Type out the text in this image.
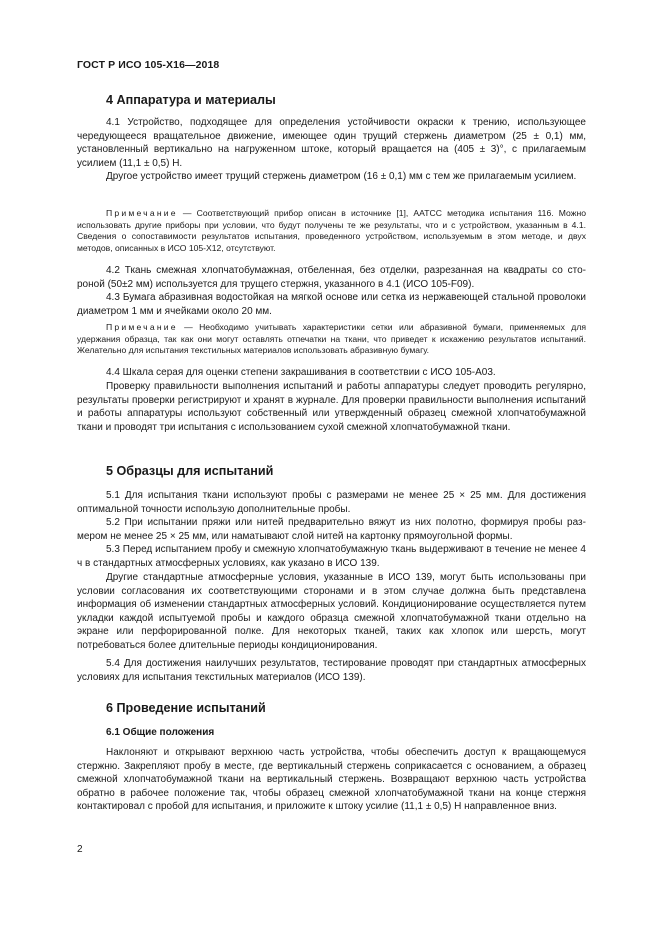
ГОСТ Р ИСО 105-Х16—2018
4 Аппаратура и материалы

4.1 Устройство, подходящее для определения устойчивости окраски к трению, использующее чередующееся вращательное движение, имеющее один трущий стержень диаметром (25 ± 0,1) мм, установленный вертикально на нагруженном штоке, который вращается на (405 ± 3)°, с прилагаемым усилием (11,1 ± 0,5) Н.

Другое устройство имеет трущий стержень диаметром (16 ± 0,1) мм с тем же прилагаемым усилием.

Примечание — Соответствующий прибор описан в источнике [1], AATCC методика испытания 116. Можно использовать другие приборы при условии, что будут получены те же результаты, что и с устройством, указанным в 4.1. Сведения о сопоставимости результатов испытания, проведенного устройством, используемым в этом методе, и двух методов, описанных в ИСО 105-Х12, отсутствуют.

4.2 Ткань смежная хлопчатобумажная, отбеленная, без отделки, разрезанная на квадраты со стороной (50±2 мм) используется для трущего стержня, указанного в 4.1 (ИСО 105-F09).

4.3 Бумага абразивная водостойкая на мягкой основе или сетка из нержавеющей стальной проволоки диаметром 1 мм и ячейками около 20 мм.

Примечание — Необходимо учитывать характеристики сетки или абразивной бумаги, применяемых для удержания образца, так как они могут оставлять отпечатки на ткани, что приведет к искажению результатов испытаний. Желательно для испытания текстильных материалов использовать абразивную бумагу.

4.4 Шкала серая для оценки степени закрашивания в соответствии с ИСО 105-А03.

Проверку правильности выполнения испытаний и работы аппаратуры следует проводить регулярно, результаты проверки регистрируют и хранят в журнале. Для проверки правильности выполнения испытаний и работы аппаратуры используют собственный или утвержденный образец смежной хлопчатобумажной ткани и проводят три испытания с использованием сухой смежной хлопчатобумажной ткани.

5 Образцы для испытаний

5.1 Для испытания ткани используют пробы с размерами не менее 25 × 25 мм. Для достижения оптимальной точности использую дополнительные пробы.

5.2 При испытании пряжи или нитей предварительно вяжут из них полотно, формируя пробы размером не менее 25 × 25 мм, или наматывают слой нитей на картонку прямоугольной формы.

5.3 Перед испытанием пробу и смежную хлопчатобумажную ткань выдерживают в течение не менее 4 ч в стандартных атмосферных условиях, как указано в ИСО 139.

Другие стандартные атмосферные условия, указанные в ИСО 139, могут быть использованы при условии согласования их соответствующими сторонами и в этом случае должна быть представлена информация об изменении стандартных атмосферных условий. Кондиционирование осуществляется путем укладки каждой испытуемой пробы и каждого образца смежной хлопчатобумажной ткани отдельно на экране или перфорированной полке. Для некоторых тканей, таких как хлопок или шерсть, могут потребоваться более длительные периоды кондиционирования.

5.4 Для достижения наилучших результатов, тестирование проводят при стандартных атмосферных условиях для испытания текстильных материалов (ИСО 139).

6 Проведение испытаний
6.1 Общие положения

Наклоняют и открывают верхнюю часть устройства, чтобы обеспечить доступ к вращающемуся стержню. Закрепляют пробу в месте, где вертикальный стержень соприкасается с основанием, а образец смежной хлопчатобумажной ткани на вертикальный стержень. Возвращают верхнюю часть устройства обратно в рабочее положение так, чтобы образец смежной хлопчатобумажной ткани на конце стержня контактировал с пробой для испытания, и приложите к штоку усилие (11,1 ± 0,5) Н направленное вниз.

2
